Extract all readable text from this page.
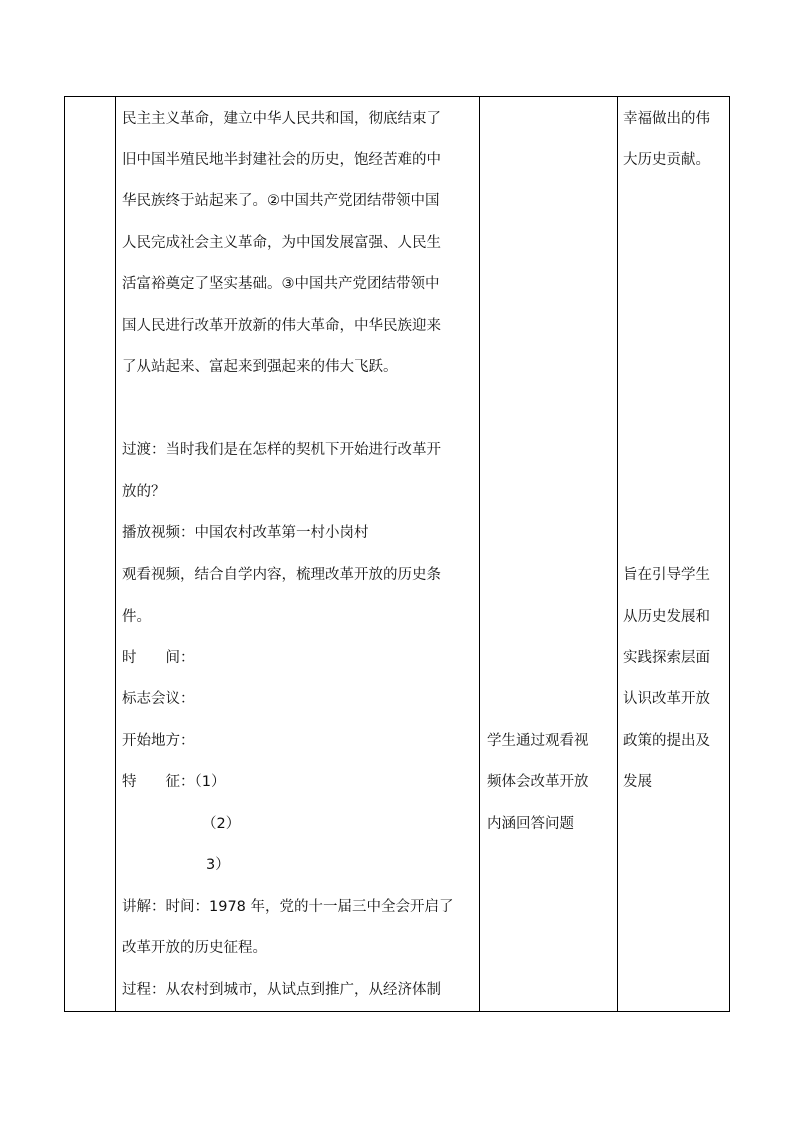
民主主义革命，建立中华人民共和国，彻底结束了
旧中国半殖民地半封建社会的历史，饱经苦难的中
华民族终于站起来了。②中国共产党团结带领中国
人民完成社会主义革命，为中国发展富强、人民生
活富裕奠定了坚实基础。③中国共产党团结带领中
国人民进行改革开放新的伟大革命，中华民族迎来
了从站起来、富起来到强起来的伟大飞跃。
过渡：当时我们是在怎样的契机下开始进行改革开
放的？
播放视频：中国农村改革第一村小岗村
观看视频，结合自学内容，梳理改革开放的历史条
件。
时　　间：
标志会议：
开始地方：
特　　征：（1）
（2）
3）
讲解：时间：1978 年，党的十一届三中全会开启了
改革开放的历史征程。
过程：从农村到城市，从试点到推广，从经济体制
学生通过观看视
频体会改革开放
内涵回答问题
幸福做出的伟
大历史贡献。
旨在引导学生
从历史发展和
实践探索层面
认识改革开放
政策的提出及
发展
